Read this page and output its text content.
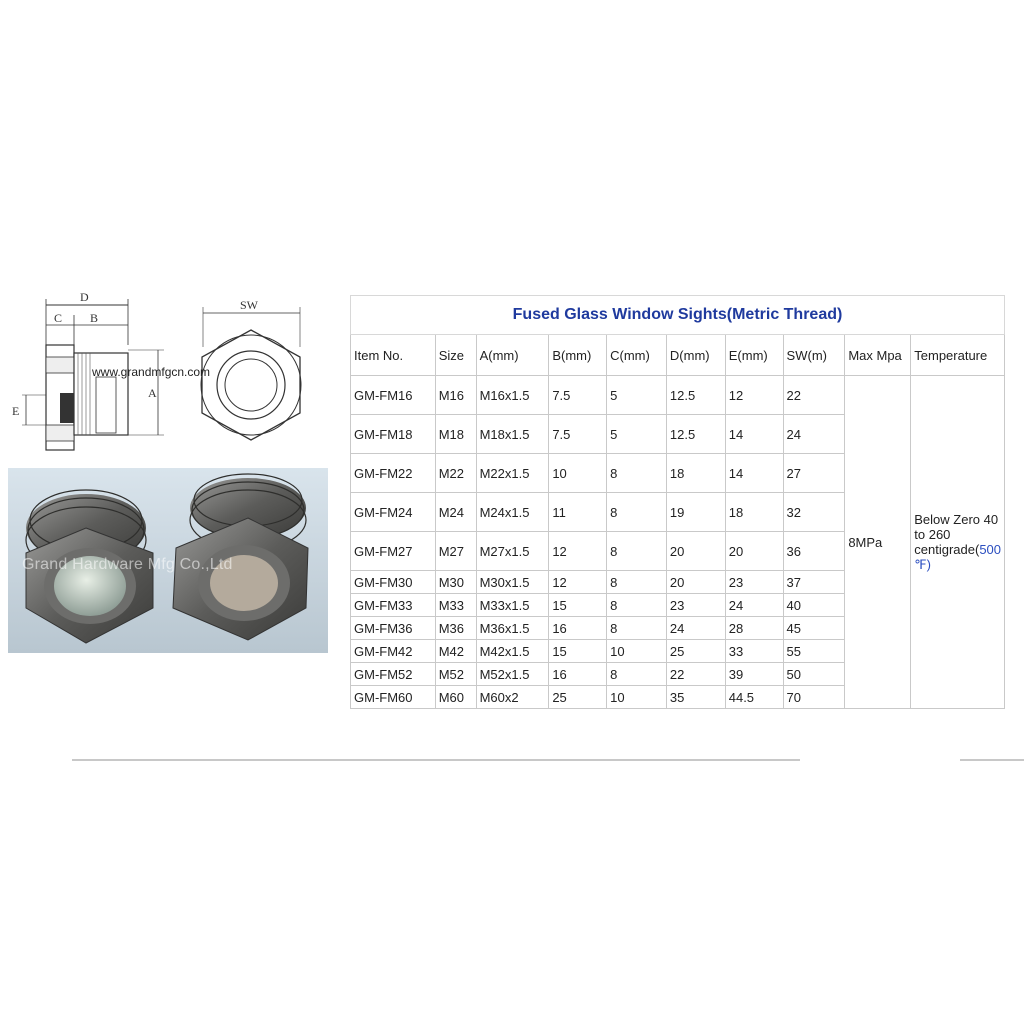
D
C B
E
A
SW
www.grandmfgcn.com
Grand Hardware Mfg Co.,Ltd
Fused Glass Window Sights(Metric Thread)									
Item No.	Size	A(mm)	B(mm)	C(mm)	D(mm)	E(mm)	SW(m)	Max Mpa	Temperature
GM-FM16	M16	M16x1.5	7.5	5	12.5	12	22	8MPa	Below Zero 40 to 260 centigrade(500 ℉)
GM-FM18	M18	M18x1.5	7.5	5	12.5	14	24		
GM-FM22	M22	M22x1.5	10	8	18	14	27		
GM-FM24	M24	M24x1.5	11	8	19	18	32		
GM-FM27	M27	M27x1.5	12	8	20	20	36		
GM-FM30	M30	M30x1.5	12	8	20	23	37		
GM-FM33	M33	M33x1.5	15	8	23	24	40		
GM-FM36	M36	M36x1.5	16	8	24	28	45		
GM-FM42	M42	M42x1.5	15	10	25	33	55		
GM-FM52	M52	M52x1.5	16	8	22	39	50		
GM-FM60	M60	M60x2	25	10	35	44.5	70		
